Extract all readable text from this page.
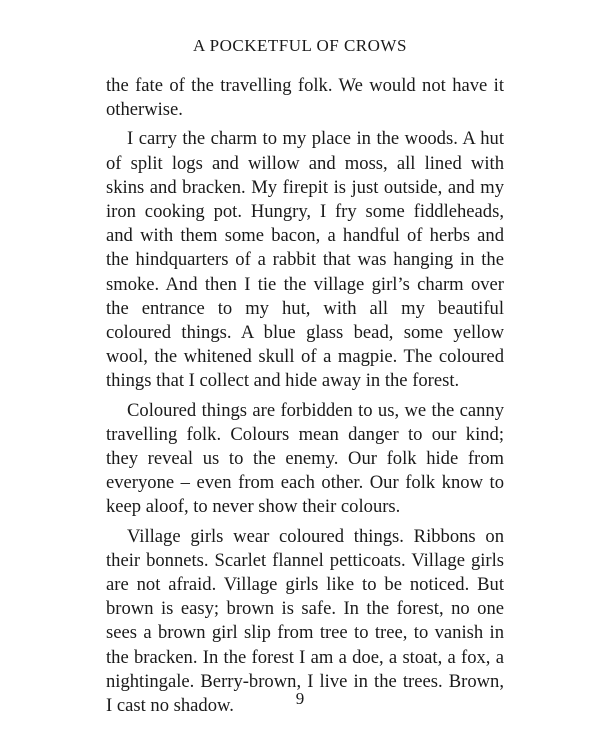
A POCKETFUL OF CROWS

the fate of the travelling folk. We would not have it otherwise.

I carry the charm to my place in the woods. A hut of split logs and willow and moss, all lined with skins and bracken. My firepit is just outside, and my iron cooking pot. Hungry, I fry some fiddleheads, and with them some bacon, a handful of herbs and the hindquarters of a rabbit that was hanging in the smoke. And then I tie the village girl’s charm over the entrance to my hut, with all my beautiful coloured things. A blue glass bead, some yellow wool, the whitened skull of a magpie. The coloured things that I collect and hide away in the forest.

Coloured things are forbidden to us, we the canny travelling folk. Colours mean danger to our kind; they reveal us to the enemy. Our folk hide from everyone – even from each other. Our folk know to keep aloof, to never show their colours.

Village girls wear coloured things. Ribbons on their bonnets. Scarlet flannel petticoats. Village girls are not afraid. Village girls like to be noticed. But brown is easy; brown is safe. In the forest, no one sees a brown girl slip from tree to tree, to vanish in the bracken. In the forest I am a doe, a stoat, a fox, a nightingale. Berry-brown, I live in the trees. Brown, I cast no shadow.	9
